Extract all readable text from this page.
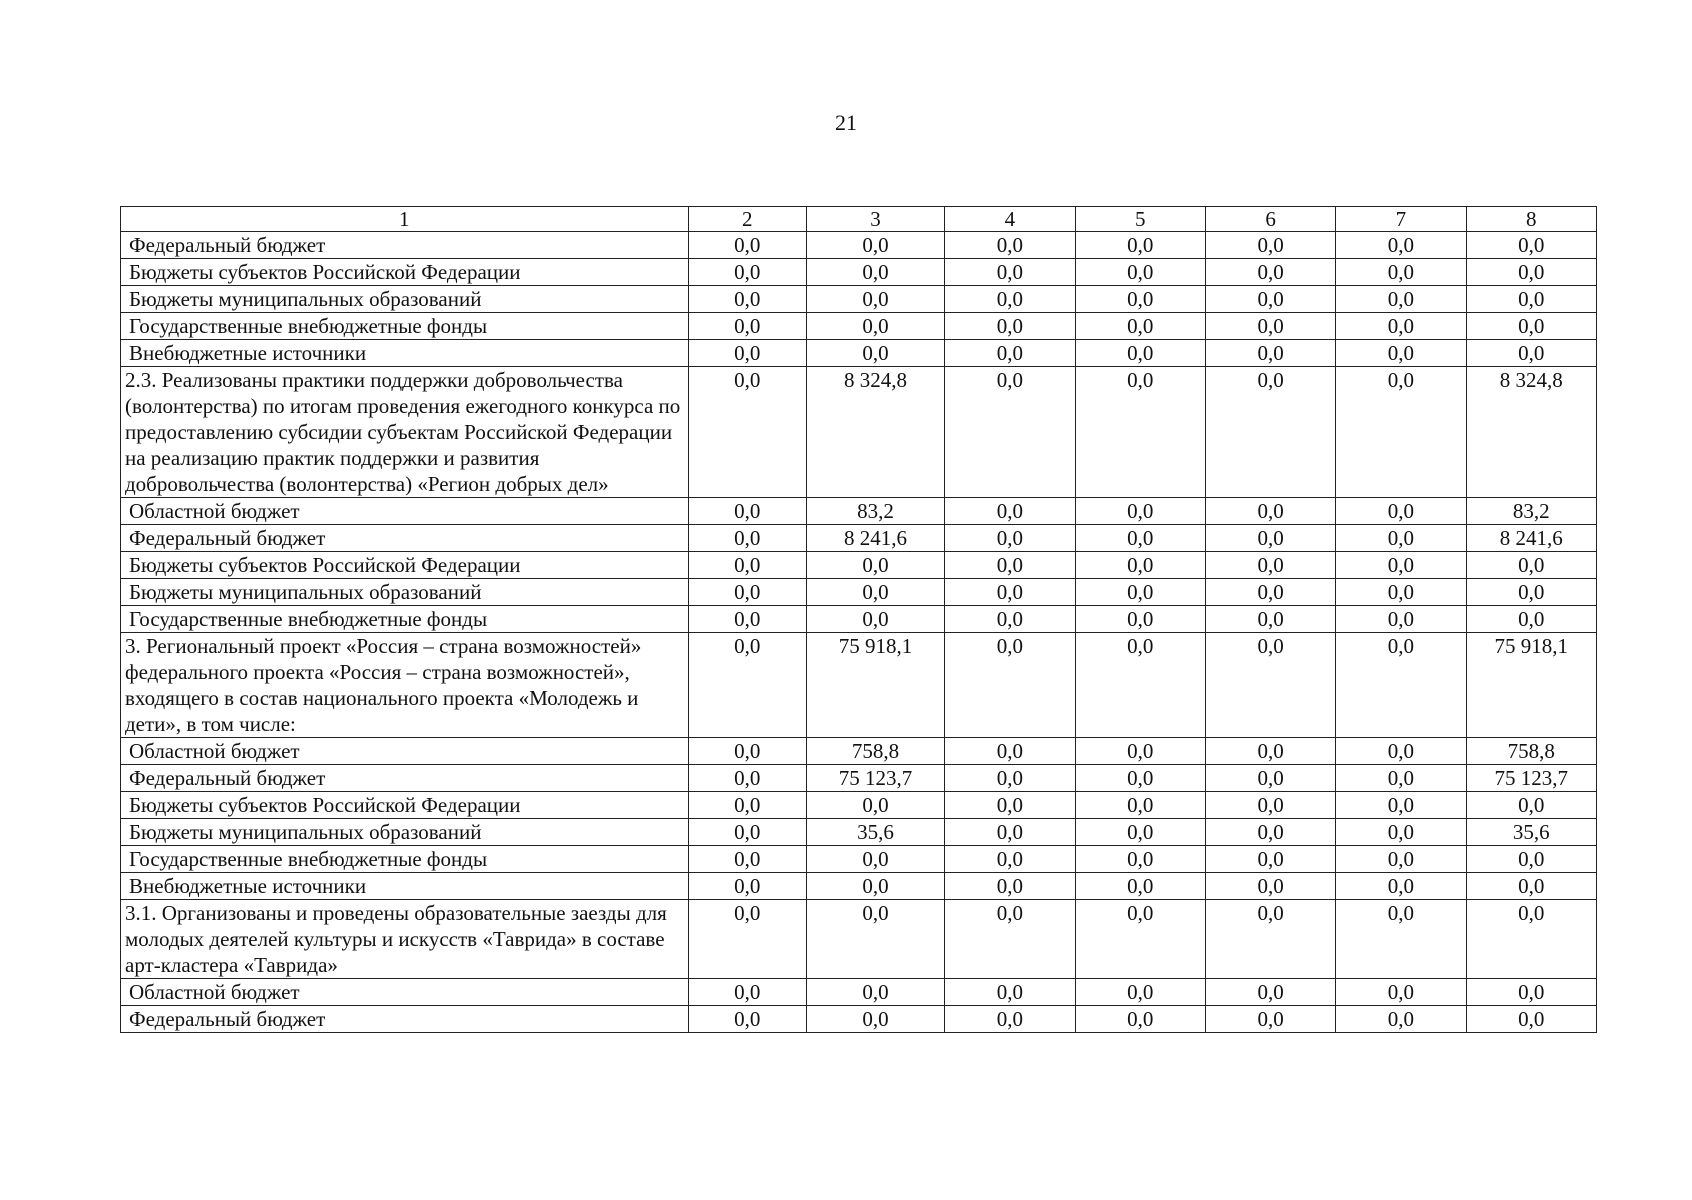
21
1	2	3	4	5	6	7	8
Федеральный бюджет	0,0	0,0	0,0	0,0	0,0	0,0	0,0
Бюджеты субъектов Российской Федерации	0,0	0,0	0,0	0,0	0,0	0,0	0,0
Бюджеты муниципальных образований	0,0	0,0	0,0	0,0	0,0	0,0	0,0
Государственные внебюджетные фонды	0,0	0,0	0,0	0,0	0,0	0,0	0,0
Внебюджетные источники	0,0	0,0	0,0	0,0	0,0	0,0	0,0
2.3. Реализованы практики поддержки добровольчества (волонтерства) по итогам проведения ежегодного конкурса по предоставлению субсидии субъектам Российской Федерации на реализацию практик поддержки и развития добровольчества (волонтерства) «Регион добрых дел»	0,0	8 324,8	0,0	0,0	0,0	0,0	8 324,8
Областной бюджет	0,0	83,2	0,0	0,0	0,0	0,0	83,2
Федеральный бюджет	0,0	8 241,6	0,0	0,0	0,0	0,0	8 241,6
Бюджеты субъектов Российской Федерации	0,0	0,0	0,0	0,0	0,0	0,0	0,0
Бюджеты муниципальных образований	0,0	0,0	0,0	0,0	0,0	0,0	0,0
Государственные внебюджетные фонды	0,0	0,0	0,0	0,0	0,0	0,0	0,0
3. Региональный проект «Россия – страна возможностей» федерального проекта «Россия – страна возможностей», входящего в состав национального проекта «Молодежь и дети», в том числе:	0,0	75 918,1	0,0	0,0	0,0	0,0	75 918,1
Областной бюджет	0,0	758,8	0,0	0,0	0,0	0,0	758,8
Федеральный бюджет	0,0	75 123,7	0,0	0,0	0,0	0,0	75 123,7
Бюджеты субъектов Российской Федерации	0,0	0,0	0,0	0,0	0,0	0,0	0,0
Бюджеты муниципальных образований	0,0	35,6	0,0	0,0	0,0	0,0	35,6
Государственные внебюджетные фонды	0,0	0,0	0,0	0,0	0,0	0,0	0,0
Внебюджетные источники	0,0	0,0	0,0	0,0	0,0	0,0	0,0
3.1. Организованы и проведены образовательные заезды для молодых деятелей культуры и искусств «Таврида» в составе арт-кластера «Таврида»	0,0	0,0	0,0	0,0	0,0	0,0	0,0
Областной бюджет	0,0	0,0	0,0	0,0	0,0	0,0	0,0
Федеральный бюджет	0,0	0,0	0,0	0,0	0,0	0,0	0,0
